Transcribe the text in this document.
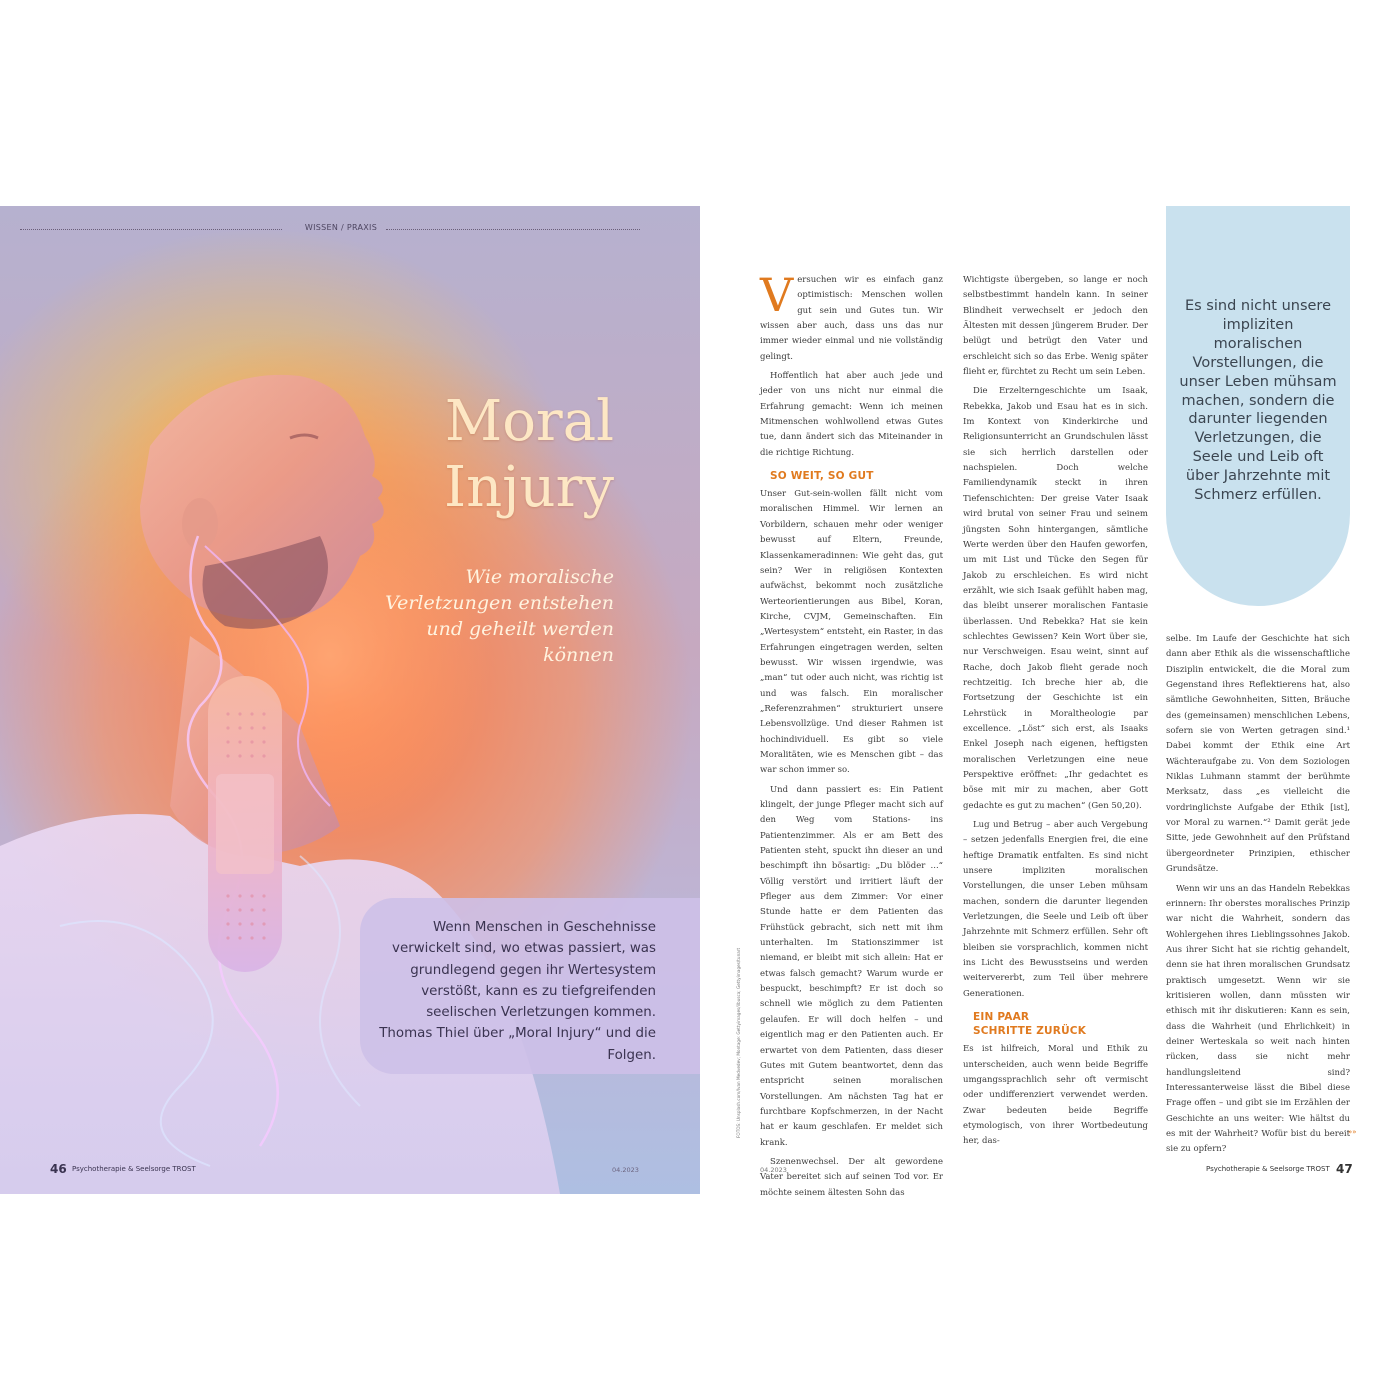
WISSEN / PRAXIS
Moral
Injury
Wie moralische Verletzungen entstehen und geheilt werden können
Wenn Menschen in Geschehnisse verwickelt sind, wo etwas passiert, was grundlegend gegen ihr Wertesystem verstößt, kann es zu tiefgreifenden seelischen Verletzungen kommen. Thomas Thiel über „Moral Injury“ und die Folgen.
46 Psychotherapie & Seelsorge TROST	04.2023

Versuchen wir es einfach ganz optimistisch: Menschen wollen gut sein und Gutes tun. Wir wissen aber auch, dass uns das nur immer wieder einmal und nie vollständig gelingt.

Hoffentlich hat aber auch jede und jeder von uns nicht nur einmal die Erfahrung gemacht: Wenn ich meinen Mitmenschen wohlwollend etwas Gutes tue, dann ändert sich das Miteinander in die richtige Richtung.

SO WEIT, SO GUT

Unser Gut-sein-wollen fällt nicht vom moralischen Himmel. Wir lernen an Vorbildern, schauen mehr oder weniger bewusst auf Eltern, Freunde, Klassenkameradinnen: Wie geht das, gut sein? Wer in religiösen Kontexten aufwächst, bekommt noch zusätzliche Werteorientierungen aus Bibel, Koran, Kirche, CVJM, Gemeinschaften. Ein „Wertesystem“ entsteht, ein Raster, in das Erfahrungen eingetragen werden, selten bewusst. Wir wissen irgendwie, was „man“ tut oder auch nicht, was richtig ist und was falsch. Ein moralischer „Referenzrahmen“ strukturiert unsere Lebensvollzüge. Und dieser Rahmen ist hochindividuell. Es gibt so viele Moralitäten, wie es Menschen gibt – das war schon immer so.

Und dann passiert es: Ein Patient klingelt, der junge Pfleger macht sich auf den Weg vom Stations- ins Patientenzimmer. Als er am Bett des Patienten steht, spuckt ihn dieser an und beschimpft ihn bösartig: „Du blöder ...“ Völlig verstört und irritiert läuft der Pfleger aus dem Zimmer: Vor einer Stunde hatte er dem Patienten das Frühstück gebracht, sich nett mit ihm unterhalten. Im Stationszimmer ist niemand, er bleibt mit sich allein: Hat er etwas falsch gemacht? Warum wurde er bespuckt, beschimpft? Er ist doch so schnell wie möglich zu dem Patienten gelaufen. Er will doch helfen – und eigentlich mag er den Patienten auch. Er erwartet von dem Patienten, dass dieser Gutes mit Gutem beantwortet, denn das entspricht seinen moralischen Vorstellungen. Am nächsten Tag hat er furchtbare Kopfschmerzen, in der Nacht hat er kaum geschlafen. Er meldet sich krank.

Szenenwechsel. Der alt gewordene Vater bereitet sich auf seinen Tod vor. Er möchte seinem ältesten Sohn das

Wichtigste übergeben, so lange er noch selbstbestimmt handeln kann. In seiner Blindheit verwechselt er jedoch den Ältesten mit dessen jüngerem Bruder. Der belügt und betrügt den Vater und erschleicht sich so das Erbe. Wenig später flieht er, fürchtet zu Recht um sein Leben.

Die Erzelterngeschichte um Isaak, Rebekka, Jakob und Esau hat es in sich. Im Kontext von Kinderkirche und Religionsunterricht an Grundschulen lässt sie sich herrlich darstellen oder nachspielen. Doch welche Familiendynamik steckt in ihren Tiefenschichten: Der greise Vater Isaak wird brutal von seiner Frau und seinem jüngsten Sohn hintergangen, sämtliche Werte werden über den Haufen geworfen, um mit List und Tücke den Segen für Jakob zu erschleichen. Es wird nicht erzählt, wie sich Isaak gefühlt haben mag, das bleibt unserer moralischen Fantasie überlassen. Und Rebekka? Hat sie kein schlechtes Gewissen? Kein Wort über sie, nur Verschweigen. Esau weint, sinnt auf Rache, doch Jakob flieht gerade noch rechtzeitig. Ich breche hier ab, die Fortsetzung der Geschichte ist ein Lehrstück in Moraltheologie par excellence. „Löst“ sich erst, als Isaaks Enkel Joseph nach eigenen, heftigsten moralischen Verletzungen eine neue Perspektive eröffnet: „Ihr gedachtet es böse mit mir zu machen, aber Gott gedachte es gut zu machen“ (Gen 50,20).

Lug und Betrug – aber auch Vergebung – setzen jedenfalls Energien frei, die eine heftige Dramatik entfalten. Es sind nicht unsere impliziten moralischen Vorstellungen, die unser Leben mühsam machen, sondern die darunter liegenden Verletzungen, die Seele und Leib oft über Jahrzehnte mit Schmerz erfüllen. Sehr oft bleiben sie vorsprachlich, kommen nicht ins Licht des Bewusstseins und werden weitervererbt, zum Teil über mehrere Generationen.

EIN PAAR
SCHRITTE ZURÜCK

Es ist hilfreich, Moral und Ethik zu unterscheiden, auch wenn beide Begriffe umgangssprachlich sehr oft vermischt oder undifferenziert verwendet werden. Zwar bedeuten beide Begriffe etymologisch, von ihrer Wortbedeutung her, das-

Es sind nicht unsere impliziten moralischen Vorstellungen, die unser Leben mühsam machen, sondern die darunter liegenden Verletzungen, die Seele und Leib oft über Jahrzehnte mit Schmerz erfüllen.

selbe. Im Laufe der Geschichte hat sich dann aber Ethik als die wissenschaftliche Disziplin entwickelt, die die Moral zum Gegenstand ihres Reflektierens hat, also sämtliche Gewohnheiten, Sitten, Bräuche des (gemeinsamen) menschlichen Lebens, sofern sie von Werten getragen sind.¹ Dabei kommt der Ethik eine Art Wächteraufgabe zu. Von dem Soziologen Niklas Luhmann stammt der berühmte Merksatz, dass „es vielleicht die vordringlichste Aufgabe der Ethik [ist], vor Moral zu warnen.“² Damit gerät jede Sitte, jede Gewohnheit auf den Prüfstand übergeordneter Prinzipien, ethischer Grundsätze.

Wenn wir uns an das Handeln Rebekkas erinnern: Ihr oberstes moralisches Prinzip war nicht die Wahrheit, sondern das Wohlergehen ihres Lieblingssohnes Jakob. Aus ihrer Sicht hat sie richtig gehandelt, denn sie hat ihren moralischen Grundsatz praktisch umgesetzt. Wenn wir sie kritisieren wollen, dann müssten wir ethisch mit ihr diskutieren: Kann es sein, dass die Wahrheit (und Ehrlichkeit) in deiner Werteskala so weit nach hinten rücken, dass sie nicht mehr handlungsleitend sind? Interessanterweise lässt die Bibel diese Frage offen – und gibt sie im Erzählen der Geschichte an uns weiter: Wie hältst du es mit der Wahrheit? Wofür bist du bereit sie zu opfern?

FOTOS: Unsplash.com/Ivan Medvedev; Montage: Gettyimages/ilbusca; Gettyimages/tunart	»»
04.2023	Psychotherapie & Seelsorge TROST 47
